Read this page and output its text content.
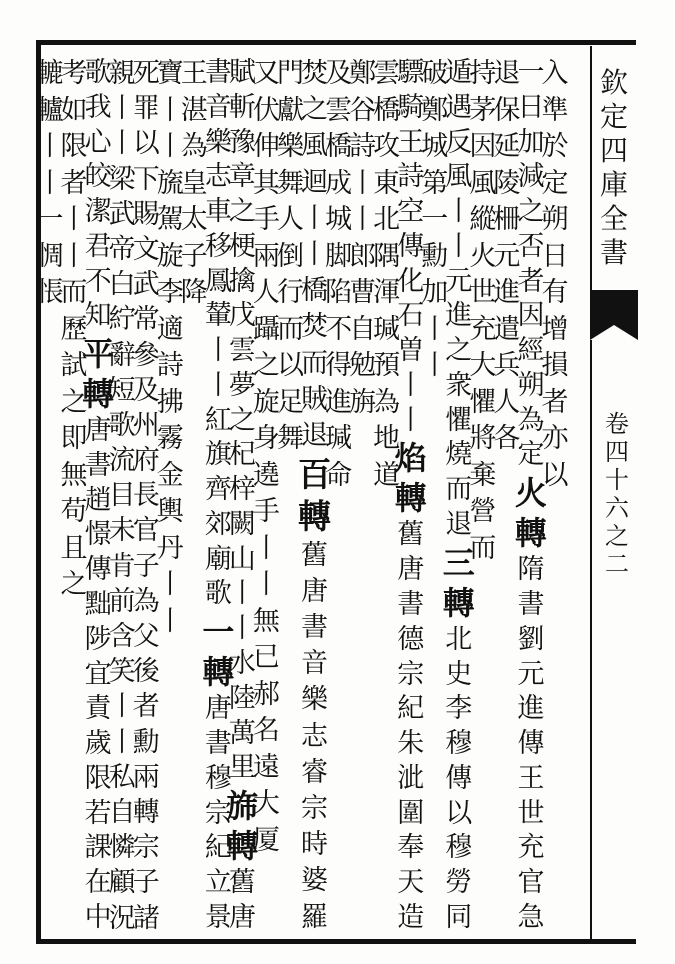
欽
定
四
庫
全
書
卷
四
十
六
之
二
入
準
於
定
朔
日
有
增
損
者
亦
以
一
日
加
減
之
否
者
因
經
朔
為
定
火
轉
隋
書
劉
元
進
傳
王
世
充
官
急
退
保
延
陵
柵
元
進
遣
兵
人
各
持
茅
因
風
縱
火
世
充
大
懼
將
棄
營
而
遁
遇
反
風
丨
丨
元
進
之
衆
懼
燒
而
退
三
轉
北
史
李
穆
傳
以
穆
勞
同
破
鄭
城
第
一
勳
加
丨
丨
驃
騎
王
詩
空
傳
化
石
曽
丨
丨
焰
轉
舊
唐
書
德
宗
紀
朱
泚
圍
奉
天
造
雲
橋
攻
東
北
隅
渾
瑊
預
為
地
道
鄭
谷
詩
丨
丨
郎
曹
自
勉
旃
及
雲
橋
成
城
脚
陷
不
得
進
瑊
命
焚
之
風
迴
丨
丨
橋
焚
而
賊
退
百
轉
舊
唐
書
音
樂
志
睿
宗
時
婆
羅
門
獻
樂
舞
人
倒
行
而
以
足
舞
又
伏
伸
其
手
兩
人
躡
之
旋
身
遶
手
丨
丨
無
已
郝
名
遠
大
厦
賦
斬
豫
章
之
梗
擒
戊
雲
夢
之
杞
梓
闕
山
丨
丨
水
陸
萬
里
旆
轉
舊
唐
書
音
樂
志
車
移
鳳
輦
丨
丨
紅
旗
齊
郊
廟
歌
一
轉
唐
書
穆
宗
紀
立
景
王
湛
為
皇
太
子
降
寶
丨
丨
旒
駕
旋
李
適
詩
拂
霧
金
輿
丹
丨
丨
死
罪
以
下
賜
文
武
常
參
及
州
府
長
官
子
為
父
後
者
勳
兩
轉
宗
子
諸
親
丨
丨
梁
武
帝
白
紵
辭
短
歌
流
目
未
肯
前
含
笑
丨
丨
私
自
憐
顧
況
歌
我
心
皎
潔
君
不
知
平
轉
唐
書
趙
憬
傳
黜
陟
宜
責
歲
限
若
課
在
中
考
如
限
者
丨
丨
而
歷
試
之
即
無
苟
且
之
轆
轤
丨
丨
一
惆
悵
